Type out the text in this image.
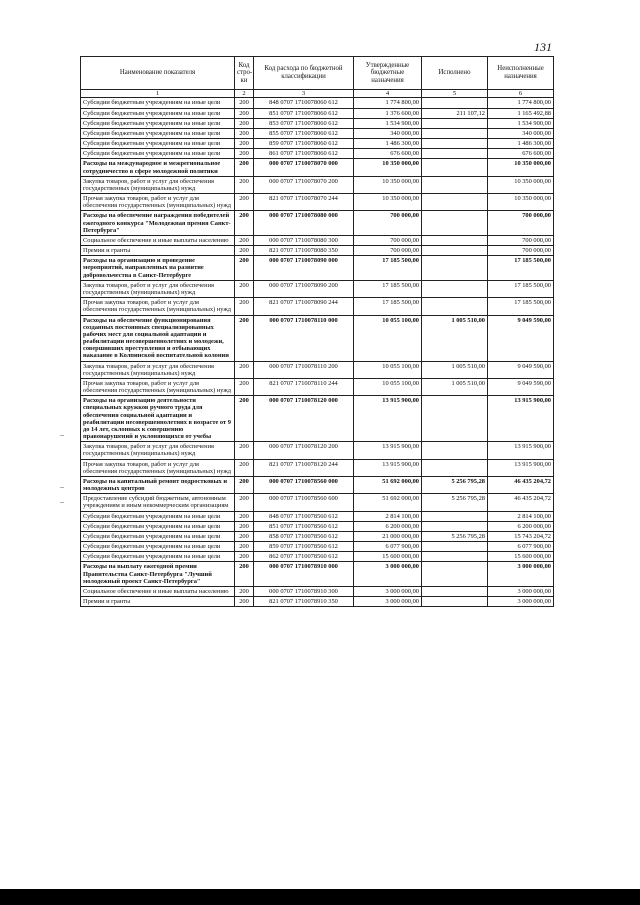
131
Наименование показателя	Код стро-ки	Код расхода по бюджетной классификации	Утвержденные бюджетные назначения	Исполнено	Неисполненные назначения
1	2	3	4	5	6
Субсидии бюджетным учреждениям на иные цели	200	848 0707 1710078060 612	1 774 800,00		1 774 800,00
Субсидии бюджетным учреждениям на иные цели	200	851 0707 1710078060 612	1 376 600,00	211 107,12	1 165 492,88
Субсидии бюджетным учреждениям на иные цели	200	853 0707 1710078060 612	1 534 900,00		1 534 900,00
Субсидии бюджетным учреждениям на иные цели	200	855 0707 1710078060 612	340 000,00		340 000,00
Субсидии бюджетным учреждениям на иные цели	200	859 0707 1710078060 612	1 486 300,00		1 486 300,00
Субсидии бюджетным учреждениям на иные цели	200	861 0707 1710078060 612	676 600,00		676 600,00
Расходы на международное и межрегиональное сотрудничество в сфере молодежной политики	200	000 0707 1710078070 000	10 350 000,00		10 350 000,00
Закупка товаров, работ и услуг для обеспечения государственных (муниципальных) нужд	200	000 0707 1710078070 200	10 350 000,00		10 350 000,00
Прочая закупка товаров, работ и услуг для обеспечения государственных (муниципальных) нужд	200	821 0707 1710078070 244	10 350 000,00		10 350 000,00
Расходы на обеспечение награждения победителей ежегодного конкурса "Молодежная премия Санкт-Петербурга"	200	000 0707 1710078080 000	700 000,00		700 000,00
Социальное обеспечение и иные выплаты населению	200	000 0707 1710078080 300	700 000,00		700 000,00
Премии и гранты	200	821 0707 1710078080 350	700 000,00		700 000,00
Расходы на организацию и проведение мероприятий, направленных на развитие добровольчества в Санкт-Петербурге	200	000 0707 1710078090 000	17 185 500,00		17 185 500,00
Закупка товаров, работ и услуг для обеспечения государственных (муниципальных) нужд	200	000 0707 1710078090 200	17 185 500,00		17 185 500,00
Прочая закупка товаров, работ и услуг для обеспечения государственных (муниципальных) нужд	200	821 0707 1710078090 244	17 185 500,00		17 185 500,00
Расходы на обеспечение функционирования созданных постоянных специализированных рабочих мест для социальной адаптации и реабилитации несовершеннолетних и молодежи, совершивших преступления и отбывающих наказание в Колпинской воспитательной колонии	200	000 0707 1710078110 000	10 055 100,00	1 005 510,00	9 049 590,00
Закупка товаров, работ и услуг для обеспечения государственных (муниципальных) нужд	200	000 0707 1710078110 200	10 055 100,00	1 005 510,00	9 049 590,00
Прочая закупка товаров, работ и услуг для обеспечения государственных (муниципальных) нужд	200	821 0707 1710078110 244	10 055 100,00	1 005 510,00	9 049 590,00
Расходы на организацию деятельности специальных кружков ручного труда для обеспечения социальной адаптации и реабилитации несовершеннолетних в возрасте от 9 до 14 лет, склонных к совершению правонарушений и уклоняющихся от учебы	200	000 0707 1710078120 000	13 915 900,00		13 915 900,00
Закупка товаров, работ и услуг для обеспечения государственных (муниципальных) нужд	200	000 0707 1710078120 200	13 915 900,00		13 915 900,00
Прочая закупка товаров, работ и услуг для обеспечения государственных (муниципальных) нужд	200	821 0707 1710078120 244	13 915 900,00		13 915 900,00
Расходы на капитальный ремонт подростковых и молодежных центров	200	000 0707 1710078560 000	51 692 000,00	5 256 795,28	46 435 204,72
Предоставление субсидий бюджетным, автономным учреждениям и иным некоммерческим организациям	200	000 0707 1710078560 600	51 692 000,00	5 256 795,28	46 435 204,72
Субсидии бюджетным учреждениям на иные цели	200	848 0707 1710078560 612	2 814 100,00		2 814 100,00
Субсидии бюджетным учреждениям на иные цели	200	851 0707 1710078560 612	6 200 000,00		6 200 000,00
Субсидии бюджетным учреждениям на иные цели	200	858 0707 1710078560 612	21 000 000,00	5 256 795,28	15 743 204,72
Субсидии бюджетным учреждениям на иные цели	200	859 0707 1710078560 612	6 077 900,00		6 077 900,00
Субсидии бюджетным учреждениям на иные цели	200	862 0707 1710078560 612	15 600 000,00		15 600 000,00
Расходы на выплату ежегодной премии Правительства Санкт-Петербурга "Лучший молодежный проект Санкт-Петербурга"	200	000 0707 1710078910 000	3 000 000,00		3 000 000,00
Социальное обеспечение и иные выплаты населению	200	000 0707 1710078910 300	3 000 000,00		3 000 000,00
Премии и гранты	200	821 0707 1710078910 350	3 000 000,00		3 000 000,00
–
–
–
